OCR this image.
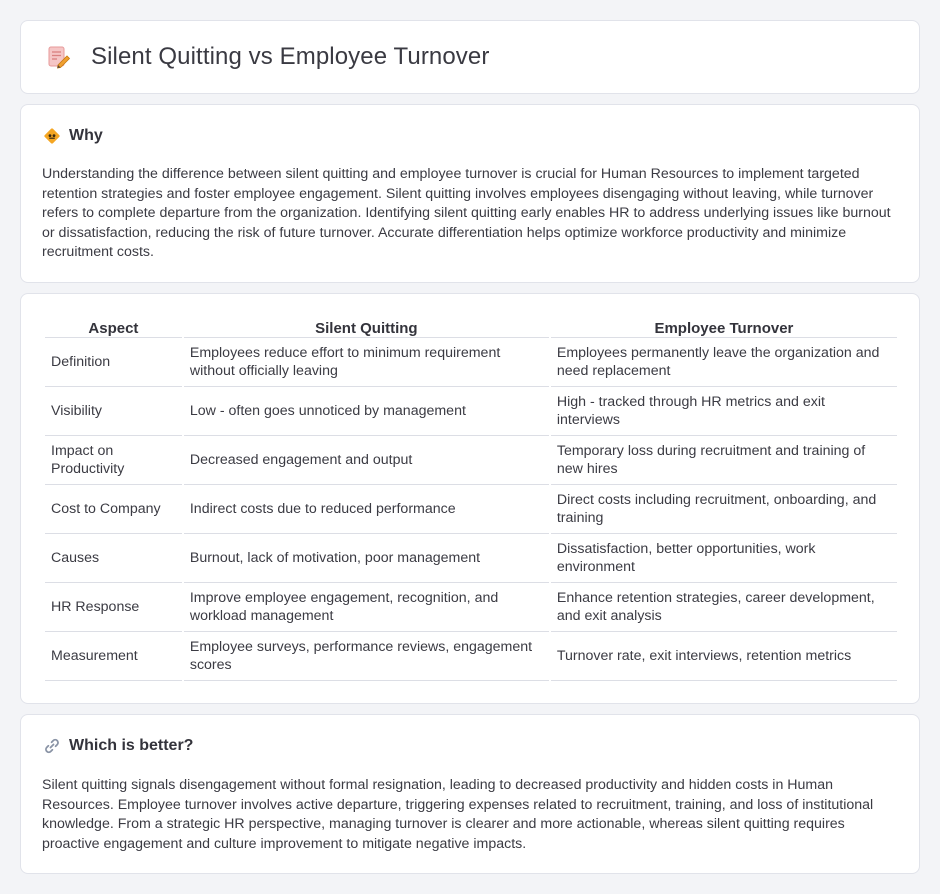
Silent Quitting vs Employee Turnover
Why

Understanding the difference between silent quitting and employee turnover is crucial for Human Resources to implement targeted retention strategies and foster employee engagement. Silent quitting involves employees disengaging without leaving, while turnover refers to complete departure from the organization. Identifying silent quitting early enables HR to address underlying issues like burnout or dissatisfaction, reducing the risk of future turnover. Accurate differentiation helps optimize workforce productivity and minimize recruitment costs.

Aspect	Silent Quitting	Employee Turnover
Definition	Employees reduce effort to minimum requirement without officially leaving	Employees permanently leave the organization and need replacement
Visibility	Low - often goes unnoticed by management	High - tracked through HR metrics and exit interviews
Impact on Productivity	Decreased engagement and output	Temporary loss during recruitment and training of new hires
Cost to Company	Indirect costs due to reduced performance	Direct costs including recruitment, onboarding, and training
Causes	Burnout, lack of motivation, poor management	Dissatisfaction, better opportunities, work environment
HR Response	Improve employee engagement, recognition, and workload management	Enhance retention strategies, career development, and exit analysis
Measurement	Employee surveys, performance reviews, engagement scores	Turnover rate, exit interviews, retention metrics
Which is better?

Silent quitting signals disengagement without formal resignation, leading to decreased productivity and hidden costs in Human Resources. Employee turnover involves active departure, triggering expenses related to recruitment, training, and loss of institutional knowledge. From a strategic HR perspective, managing turnover is clearer and more actionable, whereas silent quitting requires proactive engagement and culture improvement to mitigate negative impacts.
